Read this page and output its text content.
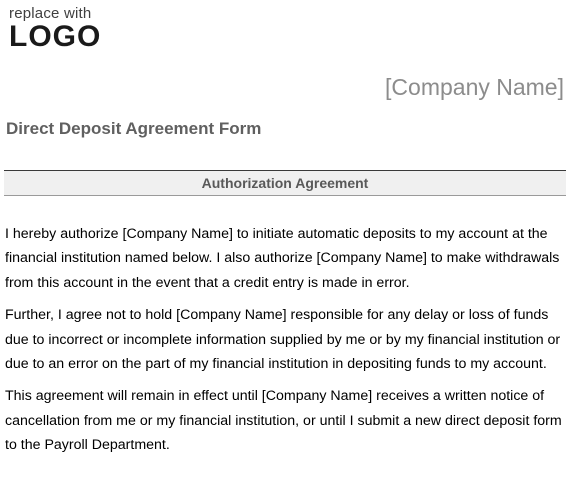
replace with
LOGO
[Company Name]
Direct Deposit Agreement Form
Authorization Agreement

I hereby authorize [Company Name] to initiate automatic deposits to my account at the financial institution named below. I also authorize [Company Name] to make withdrawals from this account in the event that a credit entry is made in error.

Further, I agree not to hold [Company Name] responsible for any delay or loss of funds due to incorrect or incomplete information supplied by me or by my financial institution or due to an error on the part of my financial institution in depositing funds to my account.

This agreement will remain in effect until [Company Name] receives a written notice of cancellation from me or my financial institution, or until I submit a new direct deposit form to the Payroll Department.
